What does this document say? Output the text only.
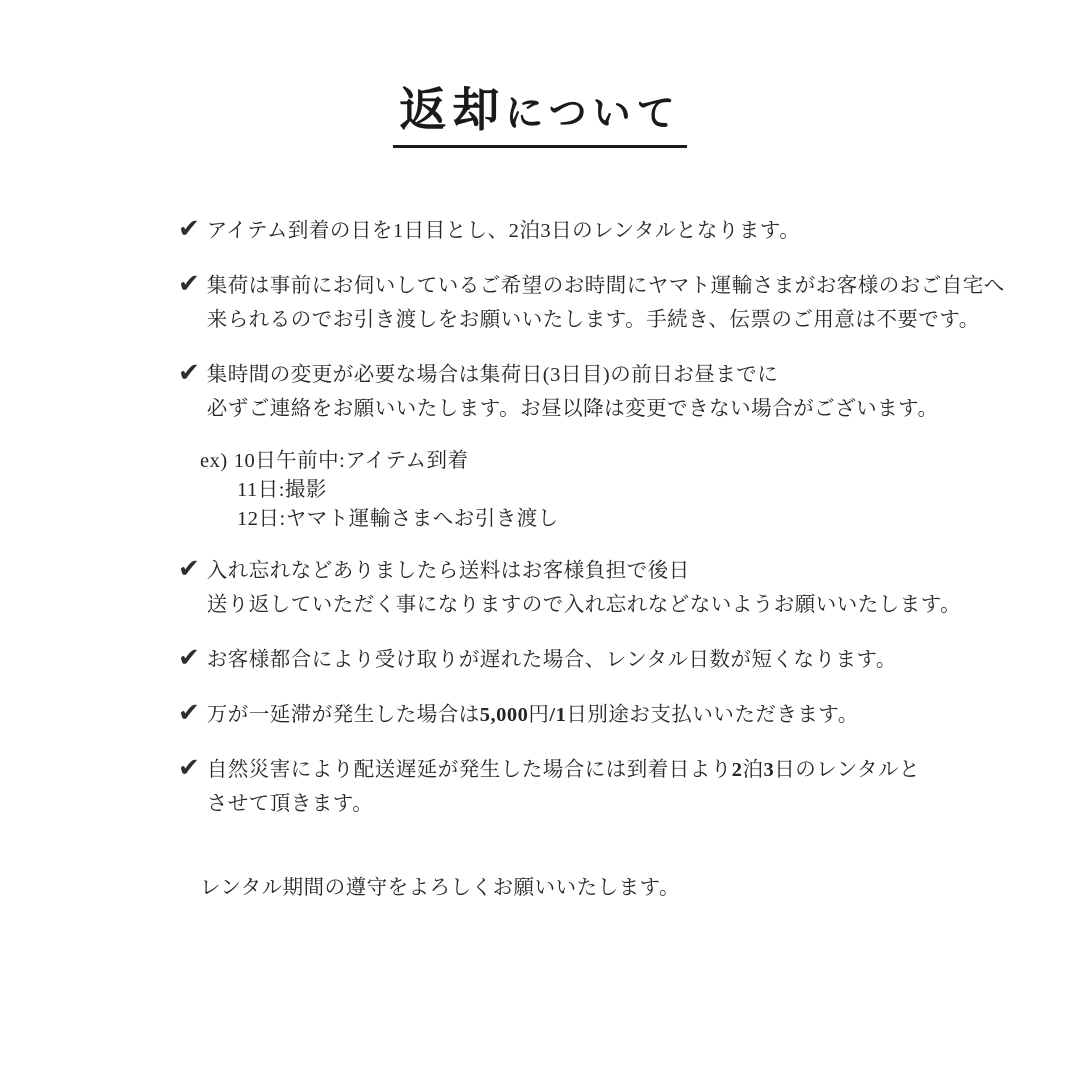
返却について
✔ アイテム到着の日を1日目とし、2泊3日のレンタルとなります。
✔ 集荷は事前にお伺いしているご希望のお時間にヤマト運輸さまがお客様のおご自宅へ
来られるのでお引き渡しをお願いいたします。手続き、伝票のご用意は不要です。
✔ 集時間の変更が必要な場合は集荷日(3日目)の前日お昼までに
必ずご連絡をお願いいたします。お昼以降は変更できない場合がございます。
ex) 10日午前中:アイテム到着
11日:撮影
12日:ヤマト運輸さまへお引き渡し
✔ 入れ忘れなどありましたら送料はお客様負担で後日
送り返していただく事になりますので入れ忘れなどないようお願いいたします。
✔ お客様都合により受け取りが遅れた場合、レンタル日数が短くなります。
✔ 万が一延滞が発生した場合は5,000円/1日別途お支払いいただきます。
✔ 自然災害により配送遅延が発生した場合には到着日より2泊3日のレンタルと
させて頂きます。
レンタル期間の遵守をよろしくお願いいたします。
